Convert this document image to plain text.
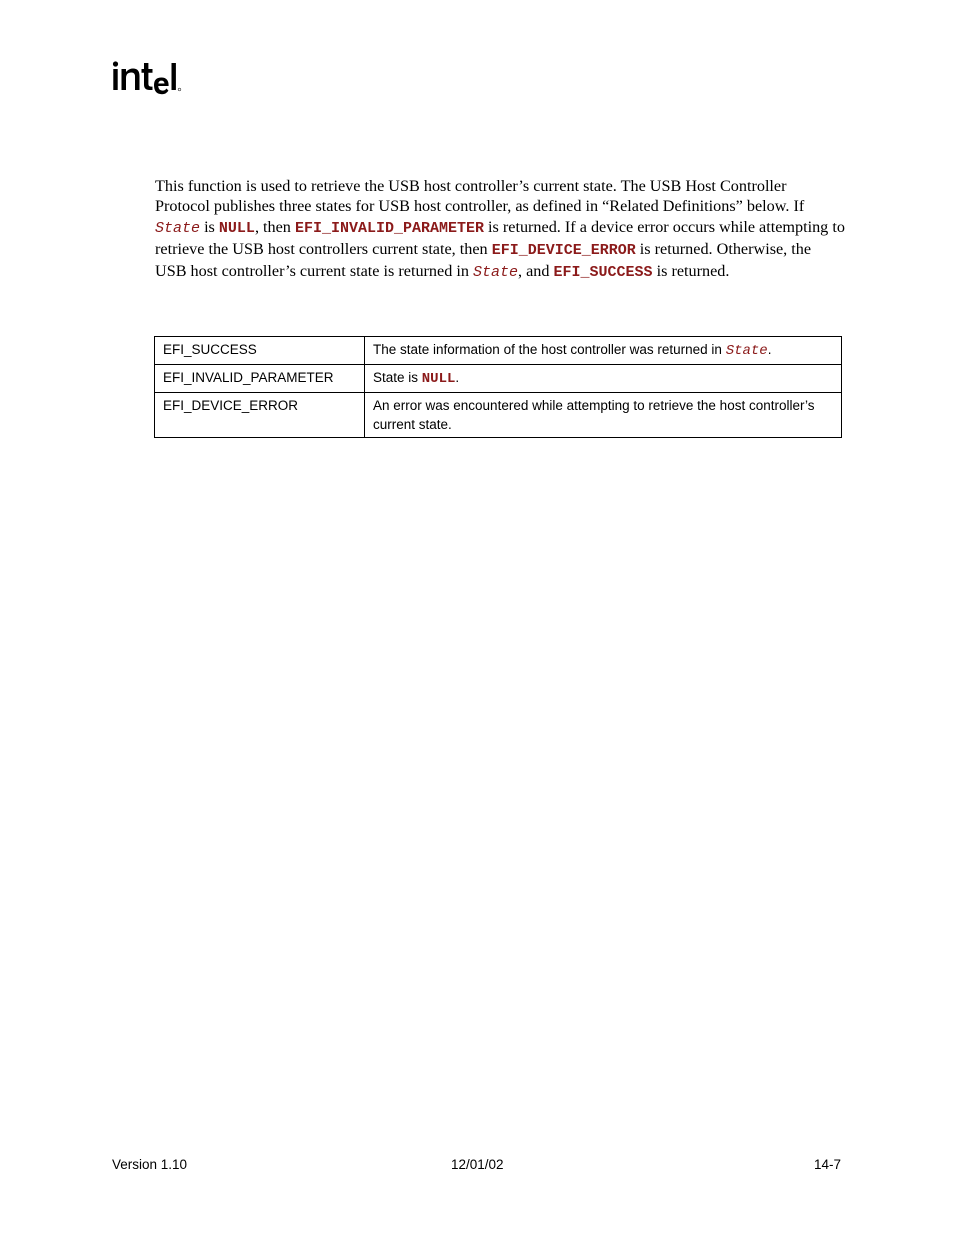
This function is used to retrieve the USB host controller’s current state. The USB Host Controller Protocol publishes three states for USB host controller, as defined in “Related Definitions” below. If State is NULL, then EFI_INVALID_PARAMETER is returned. If a device error occurs while attempting to retrieve the USB host controllers current state, then EFI_DEVICE_ERROR is returned. Otherwise, the USB host controller’s current state is returned in State, and EFI_SUCCESS is returned.
EFI_SUCCESS	The state information of the host controller was returned in State.
EFI_INVALID_PARAMETER	State is NULL.
EFI_DEVICE_ERROR	An error was encountered while attempting to retrieve the host controller’s current state.
Version 1.10	12/01/02	14-7
